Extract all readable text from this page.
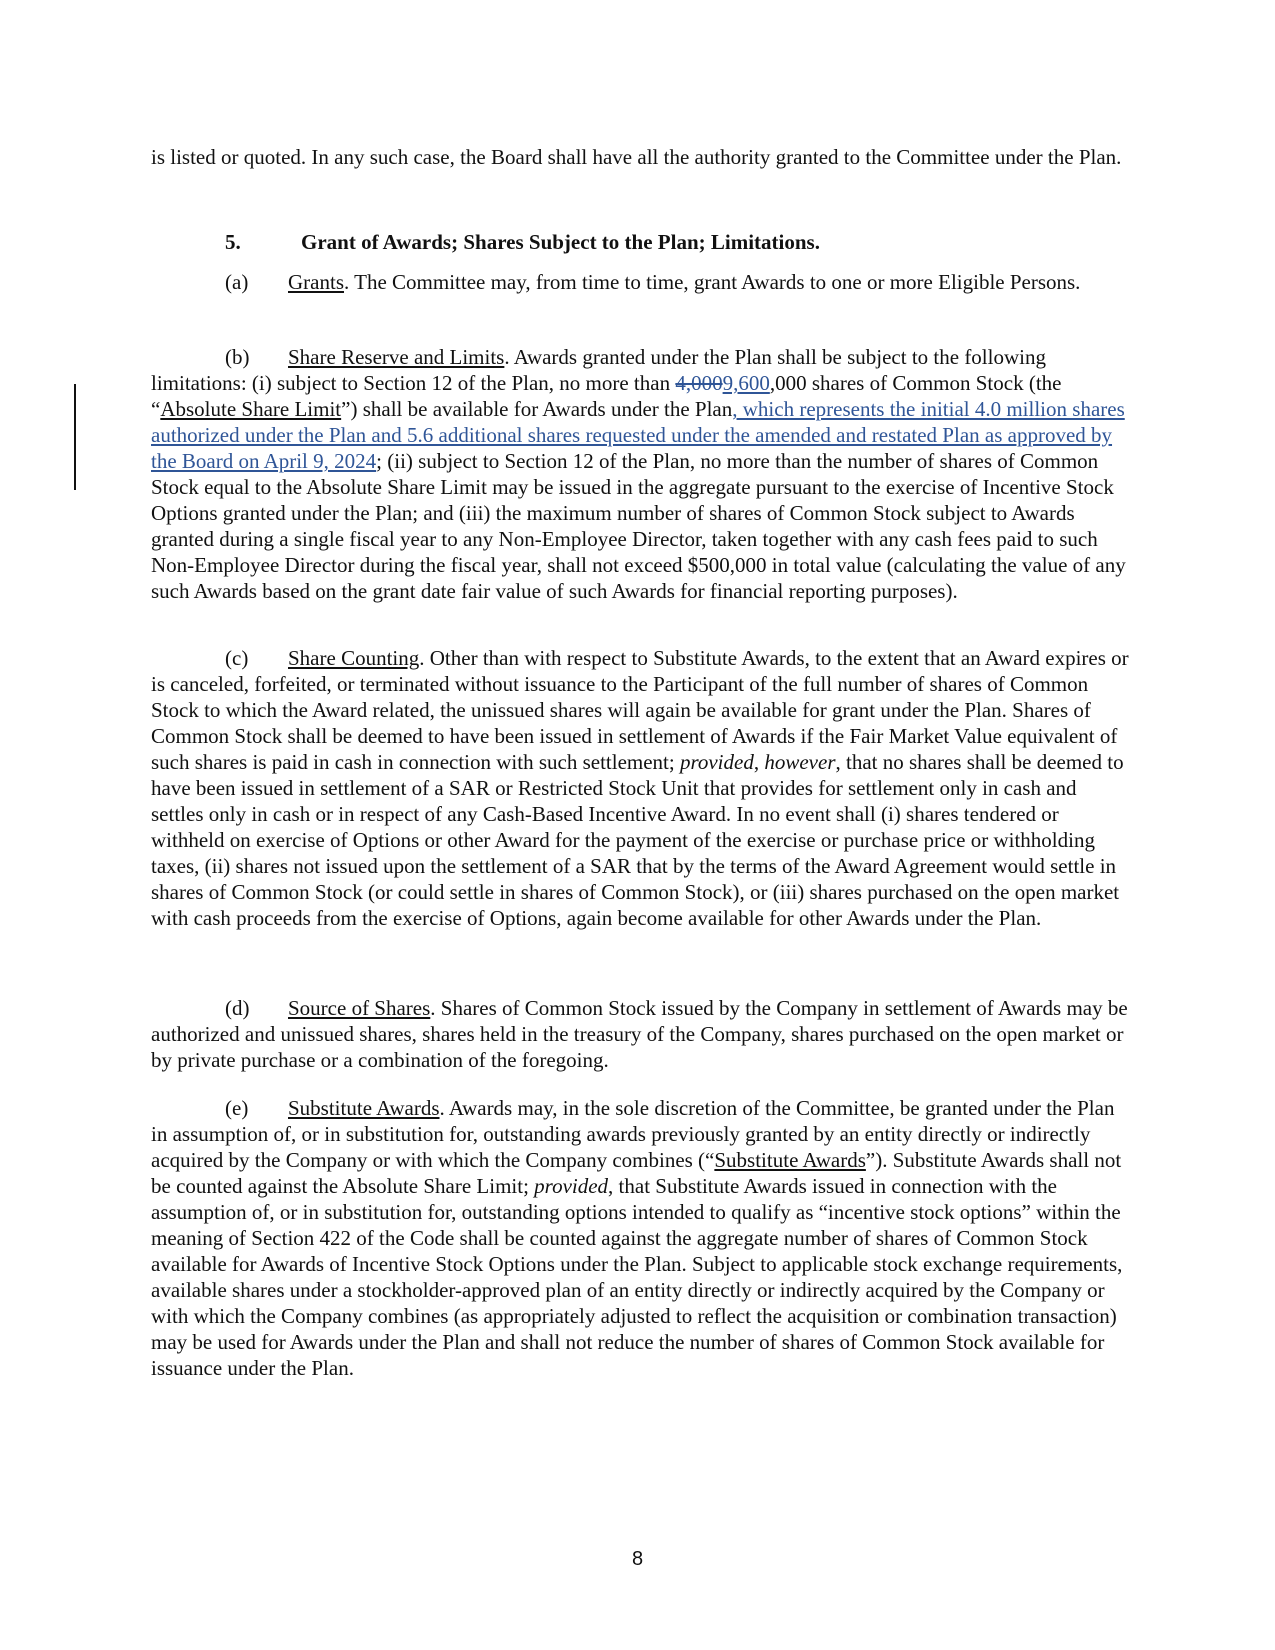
is listed or quoted. In any such case, the Board shall have all the authority granted to the Committee under the Plan.

5.	Grant of Awards; Shares Subject to the Plan; Limitations.

(a) Grants. The Committee may, from time to time, grant Awards to one or more Eligible Persons.

(b) Share Reserve and Limits. Awards granted under the Plan shall be subject to the following limitations: (i) subject to Section 12 of the Plan, no more than 4,0009,600,000 shares of Common Stock (the “Absolute Share Limit”) shall be available for Awards under the Plan, which represents the initial 4.0 million shares authorized under the Plan and 5.6 additional shares requested under the amended and restated Plan as approved by the Board on April 9, 2024; (ii) subject to Section 12 of the Plan, no more than the number of shares of Common Stock equal to the Absolute Share Limit may be issued in the aggregate pursuant to the exercise of Incentive Stock Options granted under the Plan; and (iii) the maximum number of shares of Common Stock subject to Awards granted during a single fiscal year to any Non-Employee Director, taken together with any cash fees paid to such Non-Employee Director during the fiscal year, shall not exceed $500,000 in total value (calculating the value of any such Awards based on the grant date fair value of such Awards for financial reporting purposes).

(c) Share Counting. Other than with respect to Substitute Awards, to the extent that an Award expires or is canceled, forfeited, or terminated without issuance to the Participant of the full number of shares of Common Stock to which the Award related, the unissued shares will again be available for grant under the Plan. Shares of Common Stock shall be deemed to have been issued in settlement of Awards if the Fair Market Value equivalent of such shares is paid in cash in connection with such settlement; provided, however, that no shares shall be deemed to have been issued in settlement of a SAR or Restricted Stock Unit that provides for settlement only in cash and settles only in cash or in respect of any Cash-Based Incentive Award. In no event shall (i) shares tendered or withheld on exercise of Options or other Award for the payment of the exercise or purchase price or withholding taxes, (ii) shares not issued upon the settlement of a SAR that by the terms of the Award Agreement would settle in shares of Common Stock (or could settle in shares of Common Stock), or (iii) shares purchased on the open market with cash proceeds from the exercise of Options, again become available for other Awards under the Plan.

(d) Source of Shares. Shares of Common Stock issued by the Company in settlement of Awards may be authorized and unissued shares, shares held in the treasury of the Company, shares purchased on the open market or by private purchase or a combination of the foregoing.

(e) Substitute Awards. Awards may, in the sole discretion of the Committee, be granted under the Plan in assumption of, or in substitution for, outstanding awards previously granted by an entity directly or indirectly acquired by the Company or with which the Company combines (“Substitute Awards”). Substitute Awards shall not be counted against the Absolute Share Limit; provided, that Substitute Awards issued in connection with the assumption of, or in substitution for, outstanding options intended to qualify as “incentive stock options” within the meaning of Section 422 of the Code shall be counted against the aggregate number of shares of Common Stock available for Awards of Incentive Stock Options under the Plan. Subject to applicable stock exchange requirements, available shares under a stockholder-approved plan of an entity directly or indirectly acquired by the Company or with which the Company combines (as appropriately adjusted to reflect the acquisition or combination transaction) may be used for Awards under the Plan and shall not reduce the number of shares of Common Stock available for issuance under the Plan.

8
